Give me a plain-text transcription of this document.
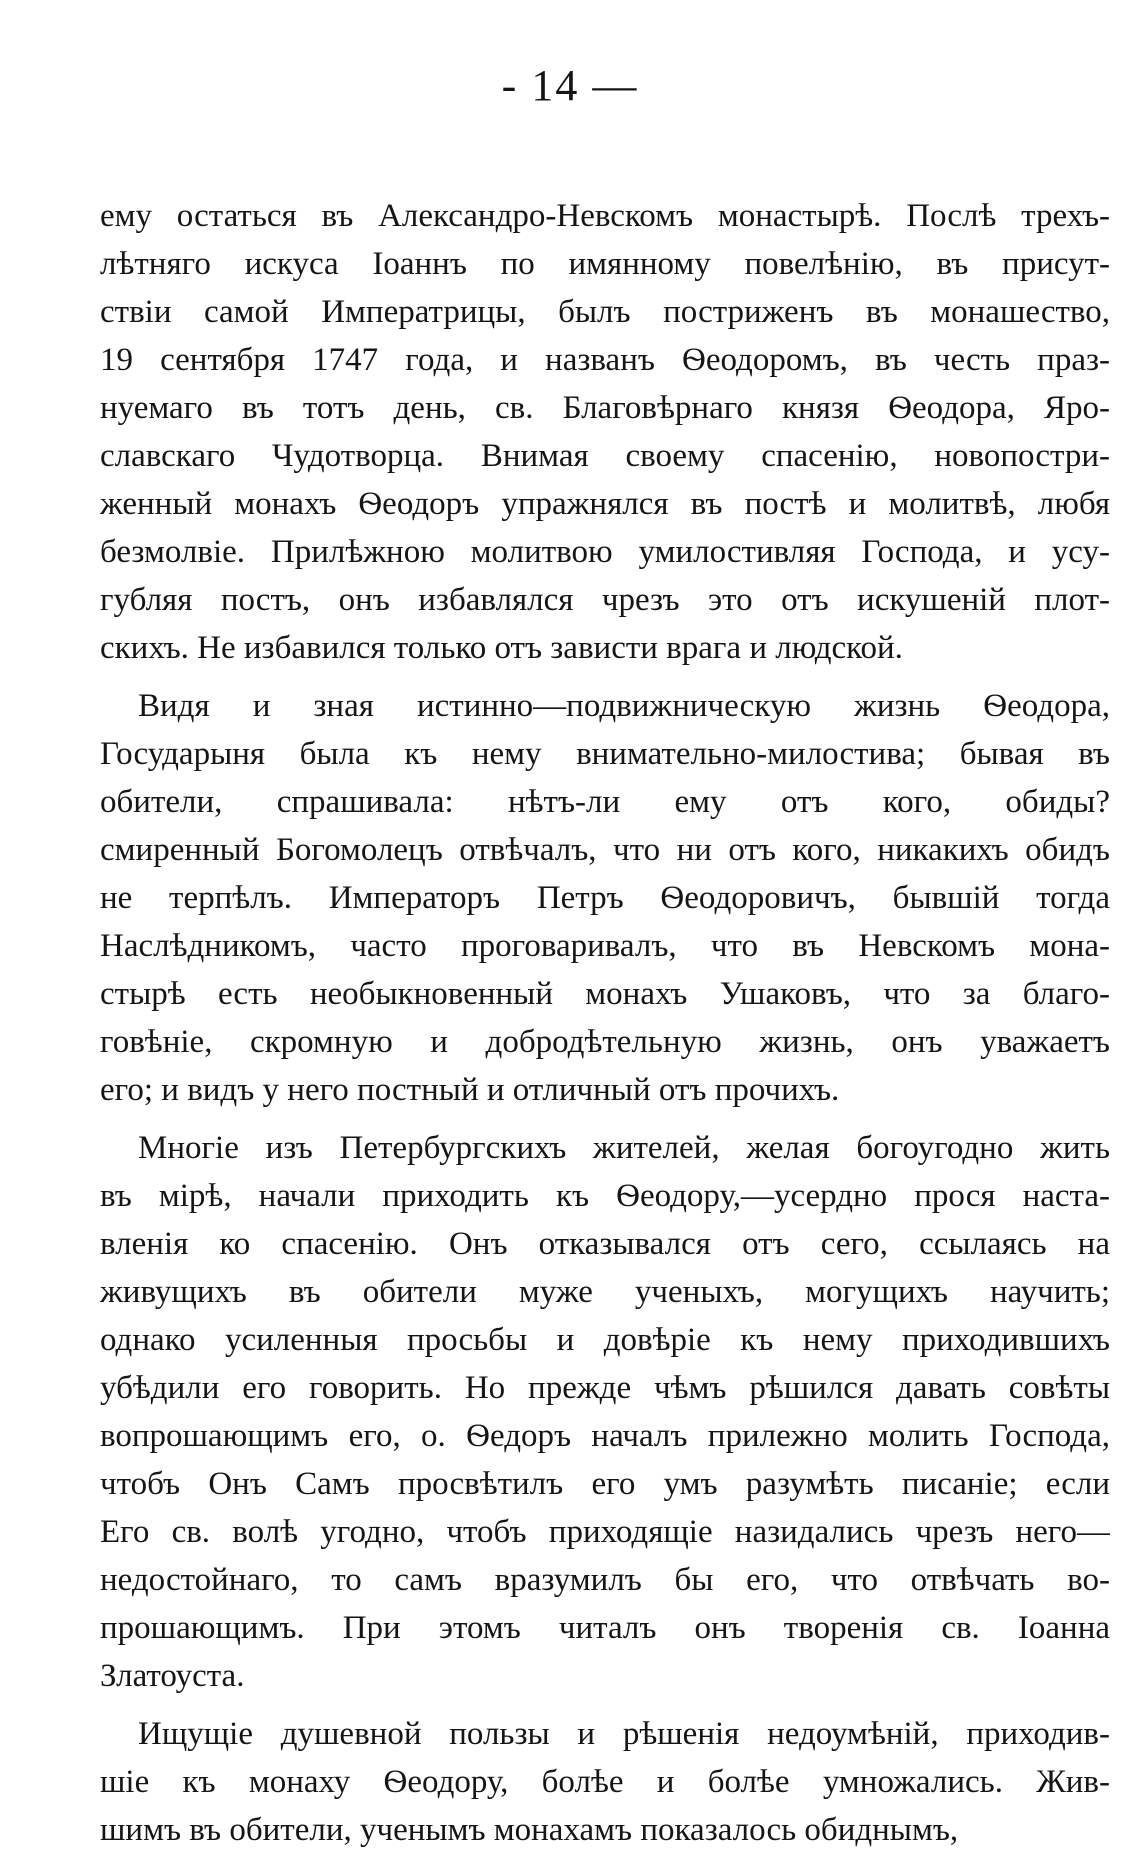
- 14 —
ему остаться въ Александро-Невскомъ монастырѣ. Послѣ трехъ-
лѣтняго искуса Іоаннъ по имянному повелѣнію, въ присут-
ствіи самой Императрицы, былъ постриженъ въ монашество,
19 сентября 1747 года, и названъ Ѳеодоромъ, въ честь праз-
нуемаго въ тотъ день, св. Благовѣрнаго князя Ѳеодора, Яро-
славскаго Чудотворца. Внимая своему спасенію, новопостри-
женный монахъ Ѳеодоръ упражнялся въ постѣ и молитвѣ, любя
безмолвіе. Прилѣжною молитвою умилостивляя Господа, и усу-
губляя постъ, онъ избавлялся чрезъ это отъ искушеній плот-
скихъ. Не избавился только отъ зависти врага и людской.
Видя и зная истинно—подвижническую жизнь Ѳеодора,
Государыня была къ нему внимательно-милостива; бывая въ
обители, спрашивала: нѣтъ-ли ему отъ кого, обиды?
смиренный Богомолецъ отвѣчалъ, что ни отъ кого, никакихъ обидъ
не терпѣлъ. Императоръ Петръ Ѳеодоровичъ, бывшій тогда
Наслѣдникомъ, часто проговаривалъ, что въ Невскомъ мона-
стырѣ есть необыкновенный монахъ Ушаковъ, что за благо-
говѣніе, скромную и добродѣтельную жизнь, онъ уважаетъ
его; и видъ у него постный и отличный отъ прочихъ.
Многіе изъ Петербургскихъ жителей, желая богоугодно жить
въ мірѣ, начали приходить къ Ѳеодору,—усердно прося наста-
вленія ко спасенію. Онъ отказывался отъ сего, ссылаясь на
живущихъ въ обители муже ученыхъ, могущихъ научить;
однако усиленныя просьбы и довѣріе къ нему приходившихъ
убѣдили его говорить. Но прежде чѣмъ рѣшился давать совѣты
вопрошающимъ его, о. Ѳедоръ началъ прилежно молить Господа,
чтобъ Онъ Самъ просвѣтилъ его умъ разумѣть писаніе; если
Его св. волѣ угодно, чтобъ приходящіе назидались чрезъ него—
недостойнаго, то самъ вразумилъ бы его, что отвѣчать во-
прошающимъ. При этомъ читалъ онъ творенія св. Іоанна
Златоуста.
Ищущіе душевной пользы и рѣшенія недоумѣній, приходив-
шіе къ монаху Ѳеодору, болѣе и болѣе умножались. Жив-
шимъ въ обители, ученымъ монахамъ показалось обиднымъ,
